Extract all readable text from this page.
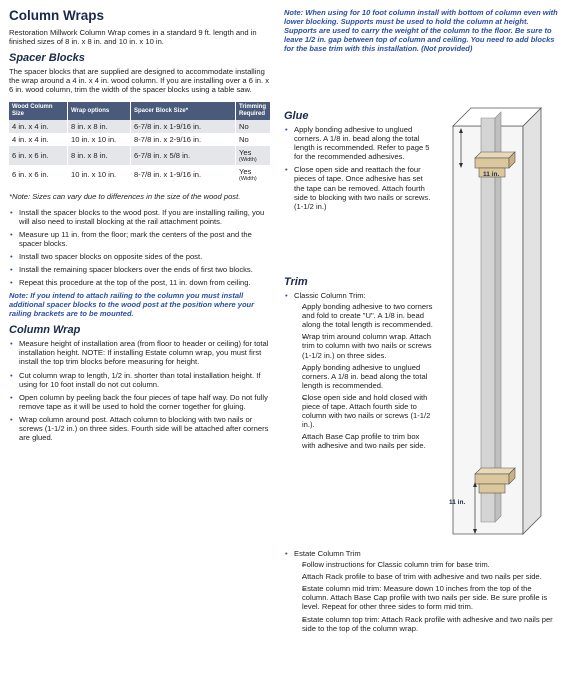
Column Wraps

Restoration Millwork Column Wrap comes in a standard 9 ft. length and in finished sizes of 8 in. x 8 in. and 10 in. x 10 in.

Spacer Blocks

The spacer blocks that are supplied are designed to accommodate installing the wrap around a 4 in. x 4 in. wood column. If you are installing over a 6 in. x 6 in. wood column, trim the width of the spacer blocks using a table saw.

Wood Column Size	Wrap options	Spacer Block Size*	Trimming Required
4 in. x 4 in.	8 in. x 8 in.	6-7/8 in. x 1-9/16 in.	No
4 in. x 4 in.	10 in. x 10 in.	8-7/8 in. x 2-9/16 in.	No
6 in. x 6 in.	8 in. x 8 in.	6-7/8 in. x 5/8 in.	Yes
(Width)

6 in. x 6 in.	10 in. x 10 in.	8-7/8 in. x 1-9/16 in.	Yes
(Width)

*Note: Sizes can vary due to differences in the size of the wood post.

• Install the spacer blocks to the wood post. If you are installing railing, you will also need to install blocking at the rail attachment points.
• Measure up 11 in. from the floor; mark the centers of the post and the spacer blocks.
• Install two spacer blocks on opposite sides of the post.
• Install the remaining spacer blockers over the ends of first two blocks.
• Repeat this procedure at the top of the post, 11 in. down from ceiling.

Note: If you intend to attach railing to the column you must install additional spacer blocks to the wood post at the position where your railing brackets are to be mounted.

Column Wrap
• Measure height of installation area (from floor to header or ceiling) for total installation height. NOTE: If installing Estate column wrap, you must first install the top trim blocks before measuring for height.
• Cut column wrap to length, 1/2 in. shorter than total installation height. If using for 10 foot install do not cut column.
• Open column by peeling back the four pieces of tape half way. Do not fully remove tape as it will be used to hold the corner together for gluing.
• Wrap column around post. Attach column to blocking with two nails or screws (1-1/2 in.) on three sides. Fourth side will be attached after corners are glued.

Note: When using for 10 foot column install with bottom of column even with lower blocking. Supports must be used to hold the column at height. Supports are used to carry the weight of the column to the floor. Be sure to leave 1/2 in. gap between top of column and ceiling. You need to add blocks for the base trim with this installation. (Not provided)

Glue
• Apply bonding adhesive to unglued corners. A 1/8 in. bead along the total length is recommended. Refer to page 5 for the recommended adhesives.
• Close open side and reattach the four pieces of tape. Once adhesive has set the tape can be removed. Attach fourth side to blocking with two nails or screws. (1-1/2 in.)
Trim
• Classic Column Trim:
– Apply bonding adhesive to two corners and fold to create "U". A 1/8 in. bead along the total length is recommended.
– Wrap trim around column wrap. Attach trim to column with two nails or screws (1-1/2 in.) on three sides.
– Apply bonding adhesive to unglued corners. A 1/8 in. bead along the total length is recommended.
– Close open side and hold closed with piece of tape. Attach fourth side to column with two nails or screws (1-1/2 in.).
– Attach Base Cap profile to trim box with adhesive and two nails per side.
• Estate Column Trim
– Follow instructions for Classic column trim for base trim.
– Attach Rack profile to base of trim with adhesive and two nails per side.
– Estate column mid trim: Measure down 10 inches from the top of the column. Attach Base Cap profile with two nails per side. Be sure profile is level. Repeat for other three sides to form mid trim.
– Estate column top trim: Attach Rack profile with adhesive and two nails per side to the top of the column wrap.
11 in.
11 in.
